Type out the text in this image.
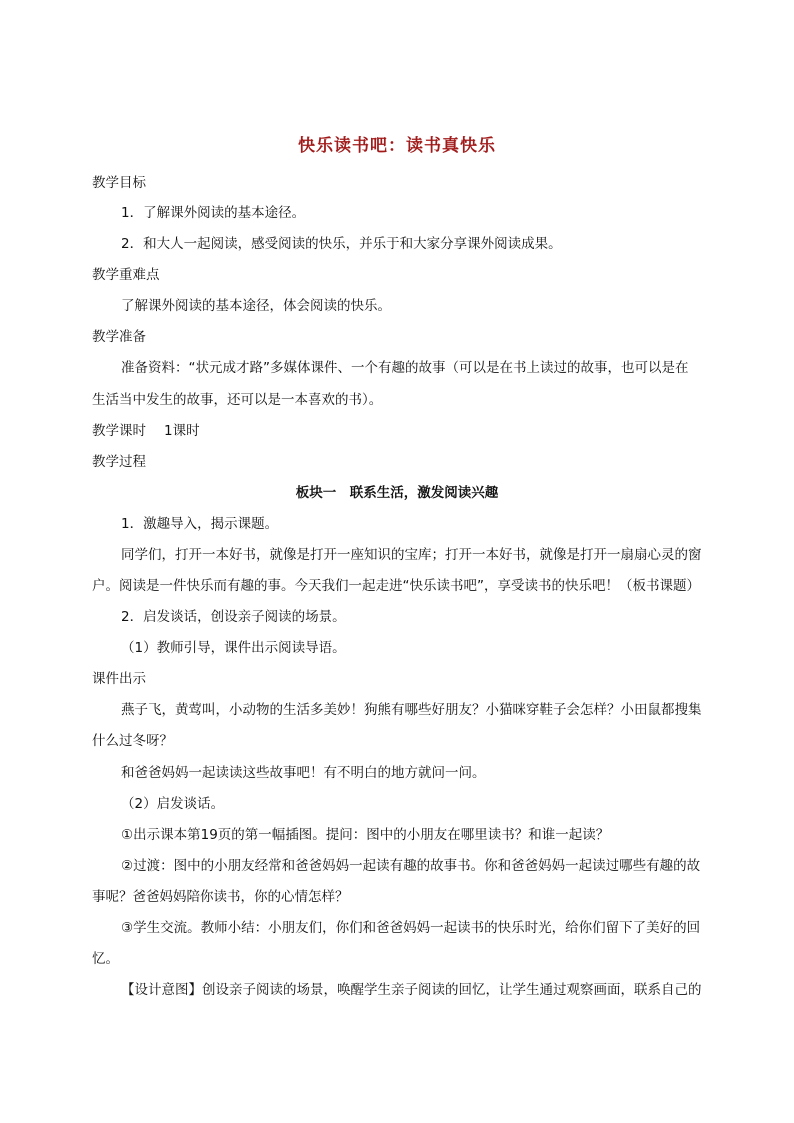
快乐读书吧：读书真快乐
教学目标
1．了解课外阅读的基本途径。
2．和大人一起阅读，感受阅读的快乐，并乐于和大家分享课外阅读成果。
教学重难点
了解课外阅读的基本途径，体会阅读的快乐。
教学准备
准备资料：“状元成才路”多媒体课件、一个有趣的故事（可以是在书上读过的故事，也可以是在
生活当中发生的故事，还可以是一本喜欢的书）。
教学课时 1课时
教学过程
板块一　联系生活，激发阅读兴趣
1．激趣导入，揭示课题。
同学们，打开一本好书，就像是打开一座知识的宝库；打开一本好书，就像是打开一扇扇心灵的窗
户。阅读是一件快乐而有趣的事。今天我们一起走进“快乐读书吧”，享受读书的快乐吧！（板书课题）
2．启发谈话，创设亲子阅读的场景。
（1）教师引导，课件出示阅读导语。
课件出示
燕子飞，黄莺叫，小动物的生活多美妙！狗熊有哪些好朋友？小猫咪穿鞋子会怎样？小田鼠都搜集
什么过冬呀？
和爸爸妈妈一起读读这些故事吧！有不明白的地方就问一问。
（2）启发谈话。
①出示课本第19页的第一幅插图。提问：图中的小朋友在哪里读书？和谁一起读？
②过渡：图中的小朋友经常和爸爸妈妈一起读有趣的故事书。你和爸爸妈妈一起读过哪些有趣的故
事呢？爸爸妈妈陪你读书，你的心情怎样？
③学生交流。教师小结：小朋友们，你们和爸爸妈妈一起读书的快乐时光，给你们留下了美好的回
忆。
【设计意图】创设亲子阅读的场景，唤醒学生亲子阅读的回忆，让学生通过观察画面，联系自己的
